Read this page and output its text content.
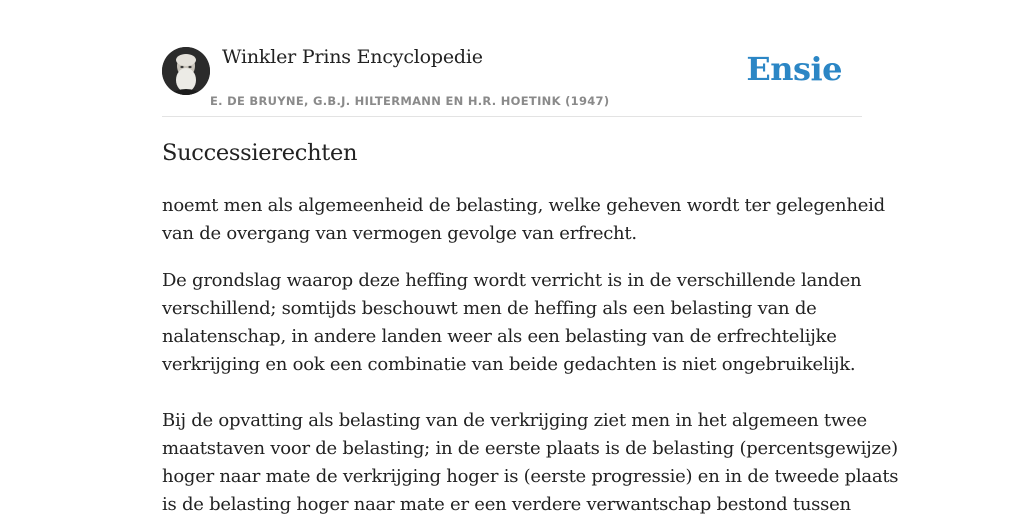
Winkler Prins Encyclopedie
E. DE BRUYNE, G.B.J. HILTERMANN EN H.R. HOETINK (1947)
Ensie
Successierechten

noemt men als algemeenheid de belasting, welke geheven wordt ter gelegenheid
van de overgang van vermogen gevolge van erfrecht.

De grondslag waarop deze heffing wordt verricht is in de verschillende landen
verschillend; somtijds beschouwt men de heffing als een belasting van de
nalatenschap, in andere landen weer als een belasting van de erfrechtelijke
verkrijging en ook een combinatie van beide gedachten is niet ongebruikelijk.

Bij de opvatting als belasting van de verkrijging ziet men in het algemeen twee
maatstaven voor de belasting; in de eerste plaats is de belasting (percentsgewijze)
hoger naar mate de verkrijging hoger is (eerste progressie) en in de tweede plaats
is de belasting hoger naar mate er een verdere verwantschap bestond tussen
